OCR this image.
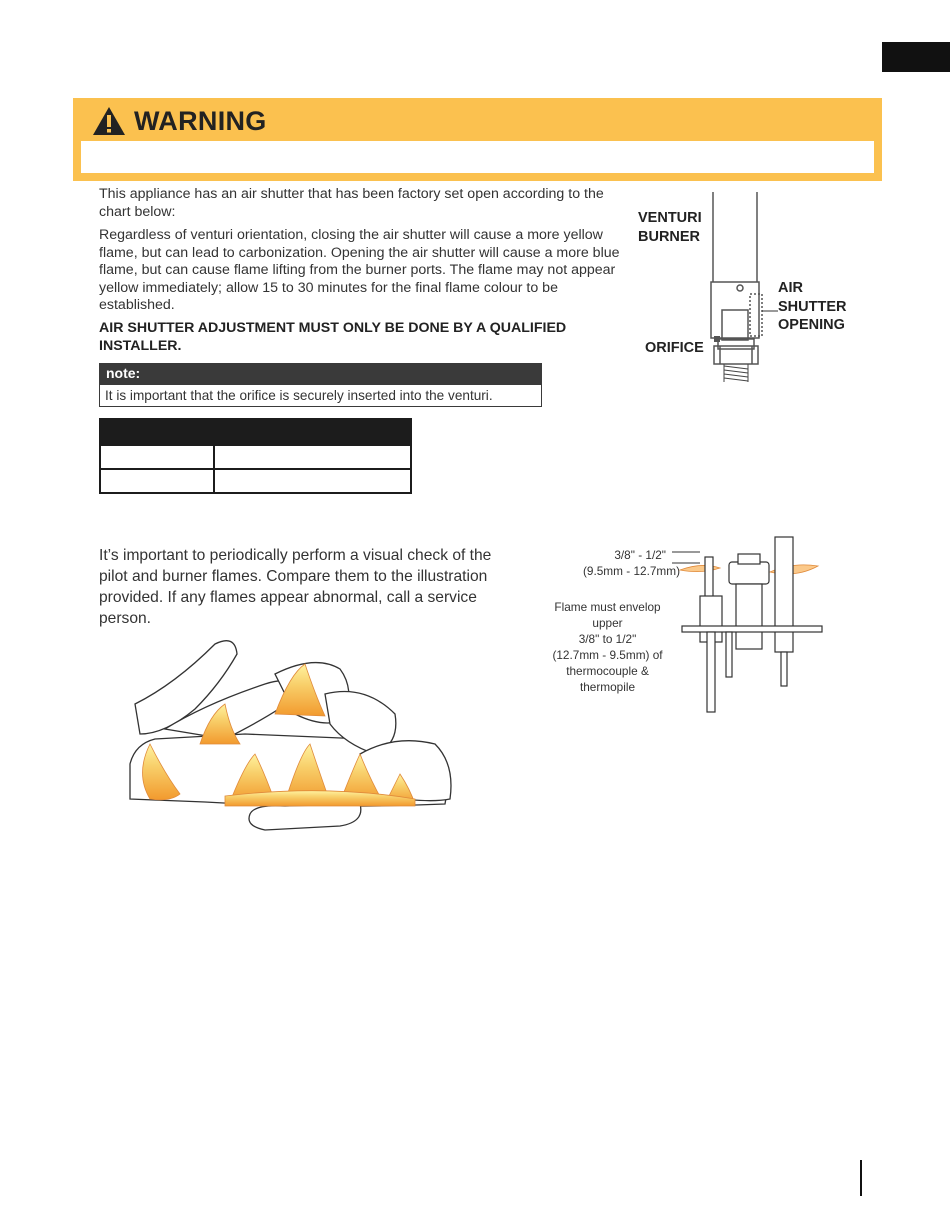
WARNING
This appliance has an air shutter that has been factory set open according to the chart below:
Regardless of venturi orientation, closing the air shutter will cause a more yellow flame, but can lead to carbonization. Opening the air shutter will cause a more blue flame, but can cause flame lifting from the burner ports. The flame may not appear yellow immediately; allow 15 to 30 minutes for the final flame colour to be established.
AIR SHUTTER ADJUSTMENT MUST ONLY BE DONE BY A QUALIFIED INSTALLER.
note:
It is important that the orifice is securely inserted into the venturi.

VENTURI BURNER
AIR SHUTTER OPENING
ORIFICE
It’s important to periodically perform a visual check of the pilot and burner flames. Compare them to the illustration provided. If any flames appear abnormal, call a service person.
3/8" - 1/2"
(9.5mm - 12.7mm)
Flame must envelop
upper
3/8" to 1/2"
(12.7mm - 9.5mm) of
thermocouple &
thermopile
